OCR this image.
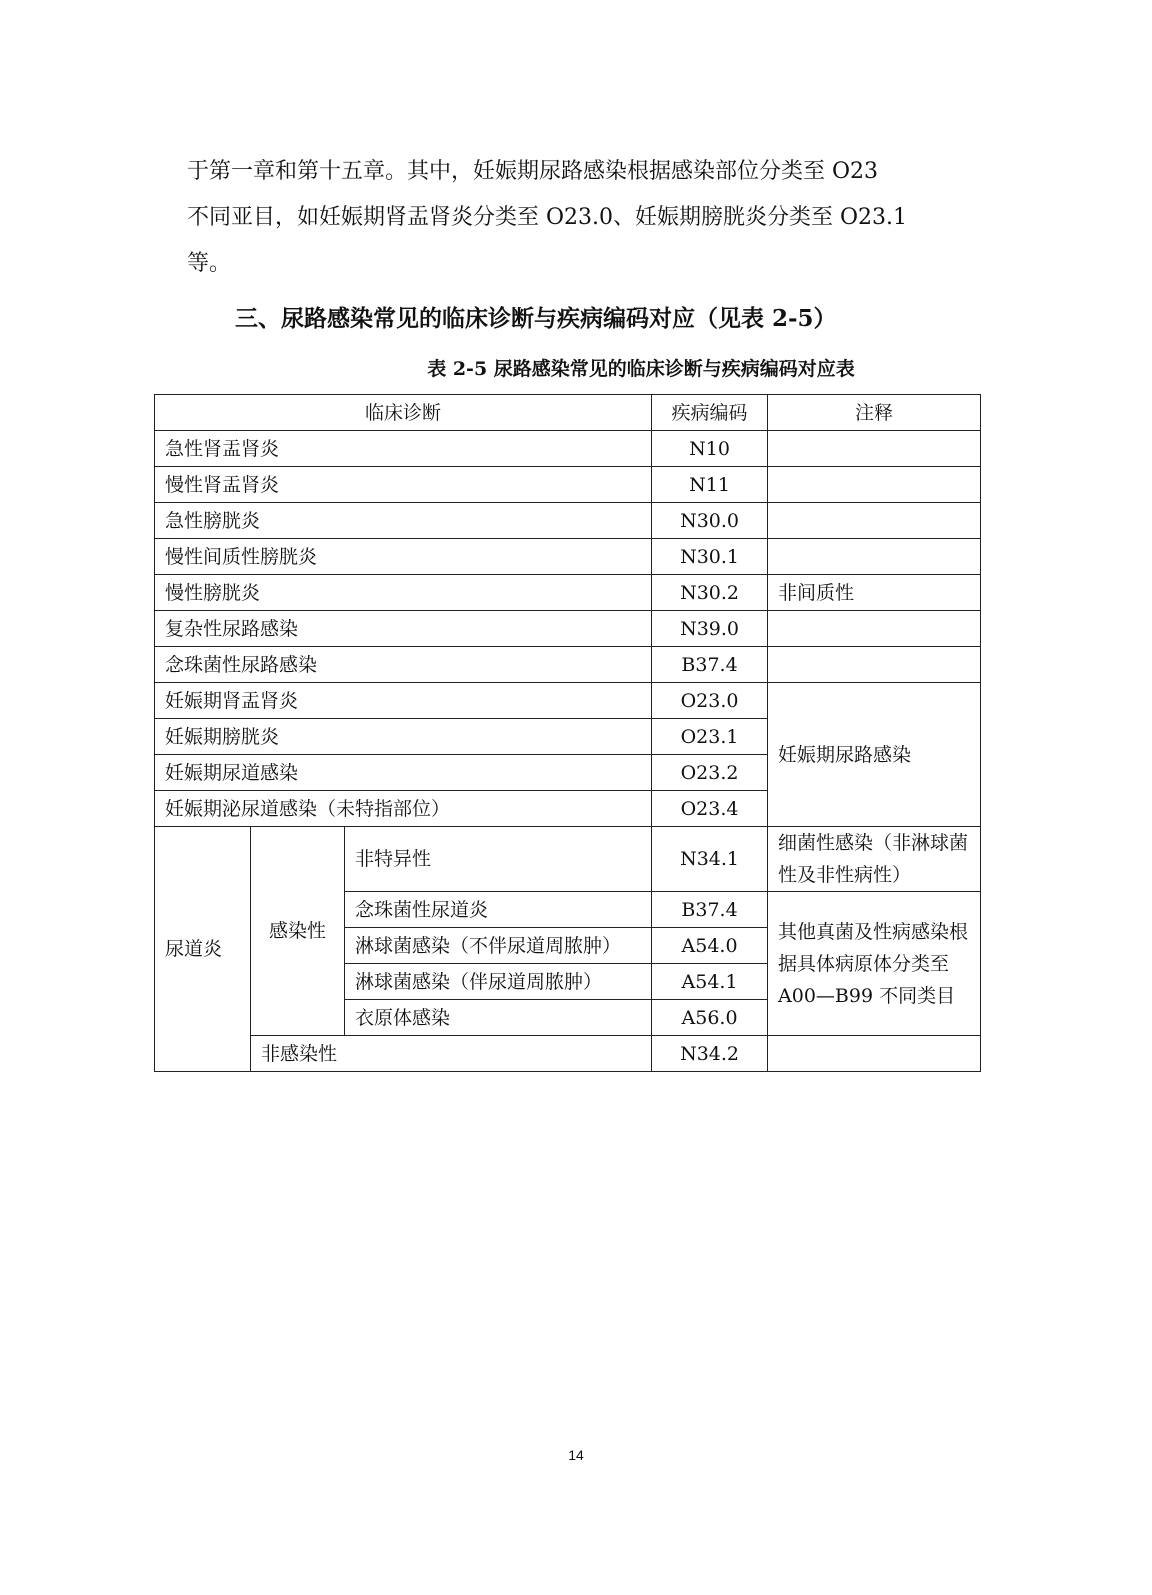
于第一章和第十五章。其中，妊娠期尿路感染根据感染部位分类至 O23
不同亚目，如妊娠期肾盂肾炎分类至 O23.0、妊娠期膀胱炎分类至 O23.1
等。
三、尿路感染常见的临床诊断与疾病编码对应（见表 2-5）
表 2-5 尿路感染常见的临床诊断与疾病编码对应表
临床诊断			疾病编码	注释
急性肾盂肾炎			N10	
慢性肾盂肾炎			N11	
急性膀胱炎			N30.0	
慢性间质性膀胱炎			N30.1	
慢性膀胱炎			N30.2	非间质性
复杂性尿路感染			N39.0	
念珠菌性尿路感染			B37.4	
妊娠期肾盂肾炎			O23.0	妊娠期尿路感染
妊娠期膀胱炎			O23.1	
妊娠期尿道感染			O23.2	
妊娠期泌尿道感染（未特指部位）			O23.4	
尿道炎	感染性	非特异性	N34.1	细菌性感染（非淋球菌性及非性病性）
		念珠菌性尿道炎	B37.4	其他真菌及性病感染根据具体病原体分类至 A00—B99 不同类目
		淋球菌感染（不伴尿道周脓肿）	A54.0	
		淋球菌感染（伴尿道周脓肿）	A54.1	
		衣原体感染	A56.0	
	非感染性		N34.2	
14
